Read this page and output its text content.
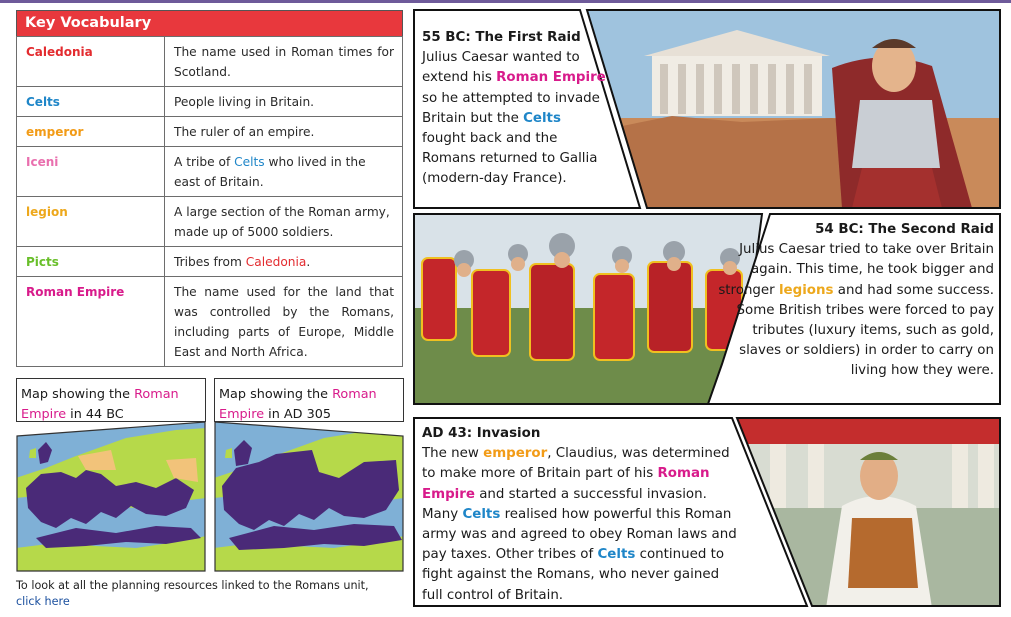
Key Vocabulary
Caledonia	The name used in Roman times for Scotland.
Celts	People living in Britain.
emperor	The ruler of an empire.
Iceni	A tribe of Celts who lived in the east of Britain.
legion	A large section of the Roman army, made up of 5000 soldiers.
Picts	Tribes from Caledonia.
Roman Empire	The name used for the land that was controlled by the Romans, including parts of Europe, Middle East and North Africa.
Map showing the Roman Empire in 44 BC
Map showing the Roman Empire in AD 305
To look at all the planning resources linked to the Romans unit,
click here
55 BC: The First Raid
Julius Caesar wanted to extend his Roman Empire so he attempted to invade Britain but the Celts fought back and the Romans returned to Gallia (modern-day France).
54 BC: The Second Raid
Julius Caesar tried to take over Britain again. This time, he took bigger and stronger legions and had some success. Some British tribes were forced to pay tributes (luxury items, such as gold, slaves or soldiers) in order to carry on living how they were.
AD 43: Invasion
The new emperor, Claudius, was determined to make more of Britain part of his Roman Empire and started a successful invasion. Many Celts realised how powerful this Roman army was and agreed to obey Roman laws and pay taxes. Other tribes of Celts continued to fight against the Romans, who never gained full control of Britain.
